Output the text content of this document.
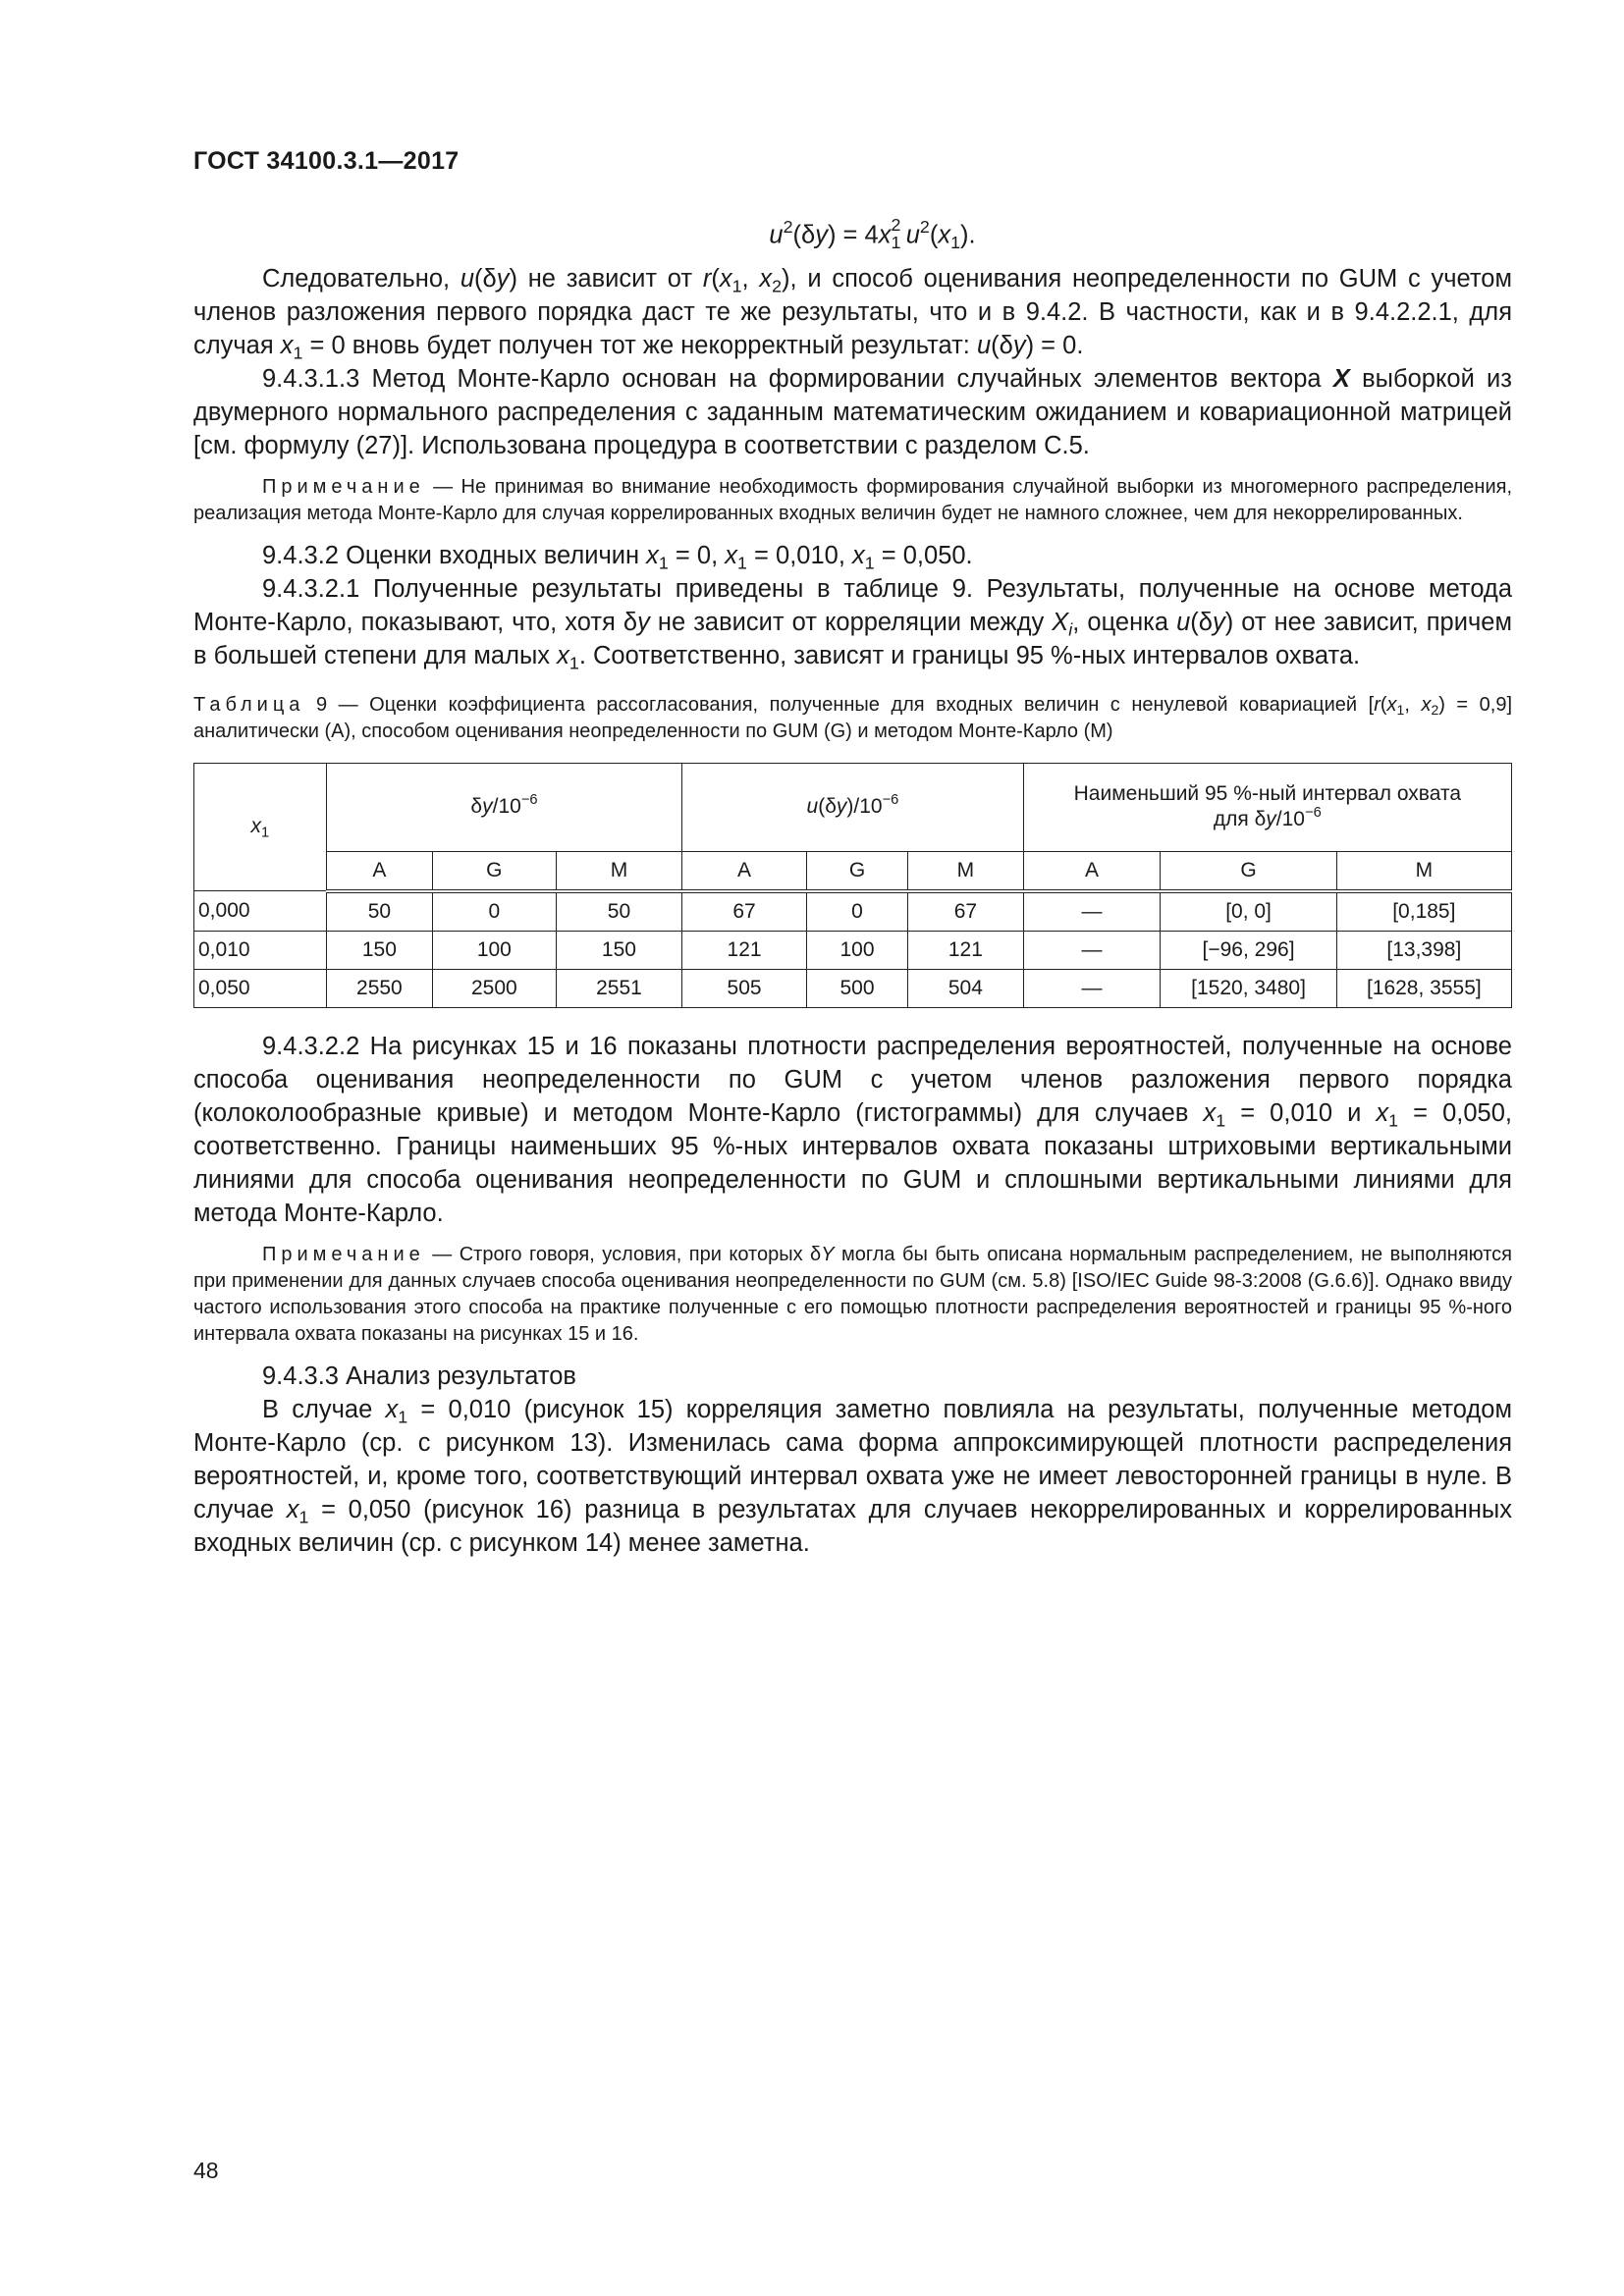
ГОСТ 34100.3.1—2017
$u^2(\delta y) = 4x$ 2
1 $u^2(x_1)$.

Следовательно, u(δy) не зависит от $r(x_1$, $x_2$), и способ оценивания неопределенности по GUM с учетом членов разложения первого порядка даст те же результаты, что и в 9.4.2. В частности, как и в 9.4.2.2.1, для случая $x_1 = 0$ вновь будет получен тот же некорректный результат: u(δy) = 0.

9.4.3.1.3 Метод Монте-Карло основан на формировании случайных элементов вектора X выборкой из двумерного нормального распределения с заданным математическим ожиданием и ковариационной матрицей [см. формулу (27)]. Использована процедура в соответствии с разделом С.5.

Примечание — Не принимая во внимание необходимость формирования случайной выборки из многомерного распределения, реализация метода Монте-Карло для случая коррелированных входных величин будет не намного сложнее, чем для некоррелированных.

9.4.3.2 Оценки входных величин $x_1 = 0$, $x_1 = 0,010$, $x_1 = 0,050$.

9.4.3.2.1 Полученные результаты приведены в таблице 9. Результаты, полученные на основе метода Монте-Карло, показывают, что, хотя δy не зависит от корреляции между $X_i$, оценка u(δy) от нее зависит, причем в большей степени для малых $x_1$. Соответственно, зависят и границы 95 %-ных интервалов охвата.

Таблица 9 — Оценки коэффициента рассогласования, полученные для входных величин с ненулевой ковариацией [$r(x_1$, $x_2) = 0,9$] аналитически (А), способом оценивания неопределенности по GUM (G) и методом Монте-Карло (М)
$x_1$	$\delta y/10^{-6}$			$u(\delta y)/10^{-6}$			Наименьший 95 %-ный интервал охвата
для $\delta y/10^{-6}$
	А	G	М	А	G	М	А	G	М
0,000	50	0	50	67	0	67	—	[0, 0]	[0,185]
0,010	150	100	150	121	100	121	—	[−96, 296]	[13,398]
0,050	2550	2500	2551	505	500	504	—	[1520, 3480]	[1628, 3555]

9.4.3.2.2 На рисунках 15 и 16 показаны плотности распределения вероятностей, полученные на основе способа оценивания неопределенности по GUM с учетом членов разложения первого порядка (колоколообразные кривые) и методом Монте-Карло (гистограммы) для случаев $x_1 = 0,010$ и $x_1 = 0,050$, соответственно. Границы наименьших 95 %-ных интервалов охвата показаны штриховыми вертикальными линиями для способа оценивания неопределенности по GUM и сплошными вертикальными линиями для метода Монте-Карло.

Примечание — Строго говоря, условия, при которых δY могла бы быть описана нормальным распределением, не выполняются при применении для данных случаев способа оценивания неопределенности по GUM (см. 5.8) [ISO/IEC Guide 98-3:2008 (G.6.6)]. Однако ввиду частого использования этого способа на практике полученные с его помощью плотности распределения вероятностей и границы 95 %-ного интервала охвата показаны на рисунках 15 и 16.

9.4.3.3 Анализ результатов

В случае $x_1 = 0,010$ (рисунок 15) корреляция заметно повлияла на результаты, полученные методом Монте-Карло (ср. с рисунком 13). Изменилась сама форма аппроксимирующей плотности распределения вероятностей, и, кроме того, соответствующий интервал охвата уже не имеет левосторонней границы в нуле. В случае $x_1 = 0,050$ (рисунок 16) разница в результатах для случаев некоррелированных и коррелированных входных величин (ср. с рисунком 14) менее заметна.

48
